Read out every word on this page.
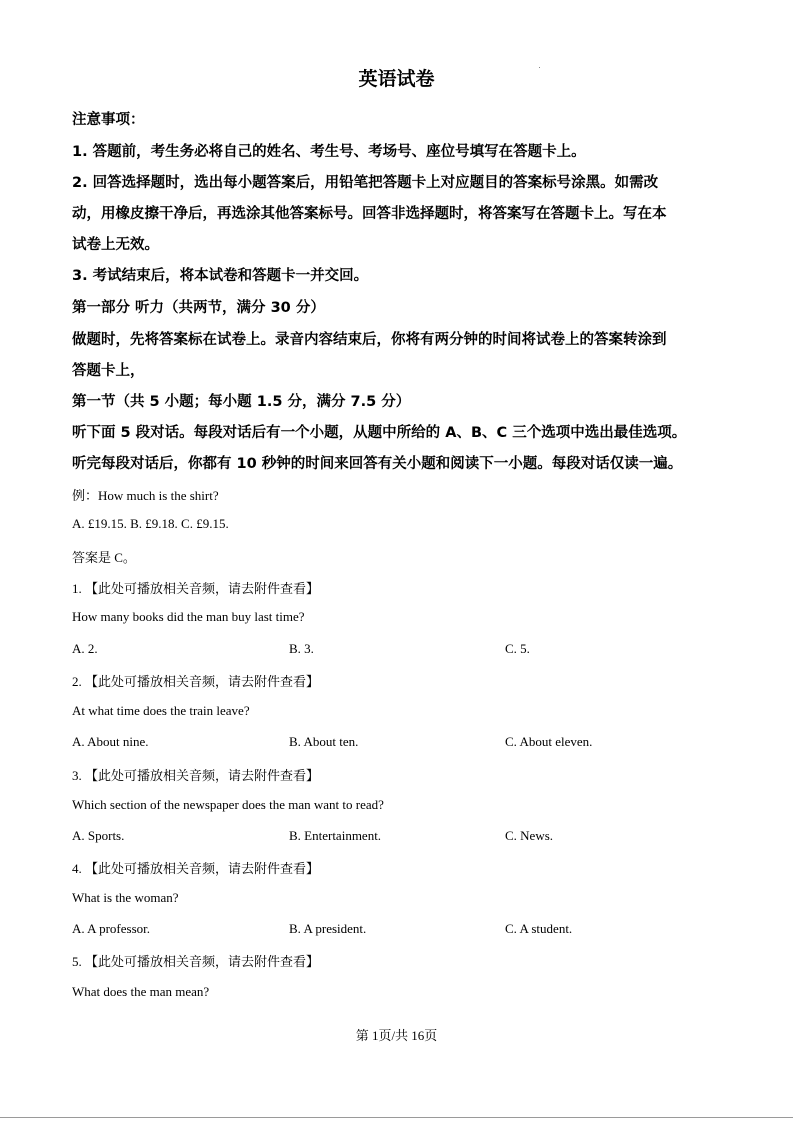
英语试卷
注意事项：
1. 答题前，考生务必将自己的姓名、考生号、考场号、座位号填写在答题卡上。
2. 回答选择题时，选出每小题答案后，用铅笔把答题卡上对应题目的答案标号涂黑。如需改
动，用橡皮擦干净后，再选涂其他答案标号。回答非选择题时，将答案写在答题卡上。写在本
试卷上无效。
3. 考试结束后，将本试卷和答题卡一并交回。
第一部分 听力（共两节，满分 30 分）
做题时，先将答案标在试卷上。录音内容结束后，你将有两分钟的时间将试卷上的答案转涂到
答题卡上，
第一节（共 5 小题；每小题 1.5 分，满分 7.5 分）
听下面 5 段对话。每段对话后有一个小题，从题中所给的 A、B、C 三个选项中选出最佳选项。
听完每段对话后，你都有 10 秒钟的时间来回答有关小题和阅读下一小题。每段对话仅读一遍。
例：How much is the shirt?
A. £19.15. B. £9.18. C. £9.15.
答案是 C。
1. 【此处可播放相关音频，请去附件查看】
How many books did the man buy last time?
A. 2.	B. 3.	C. 5.
2. 【此处可播放相关音频，请去附件查看】
At what time does the train leave?
A. About nine.	B. About ten.	C. About eleven.
3. 【此处可播放相关音频，请去附件查看】
Which section of the newspaper does the man want to read?
A. Sports.	B. Entertainment.	C. News.
4. 【此处可播放相关音频，请去附件查看】
What is the woman?
A. A professor.	B. A president.	C. A student.
5. 【此处可播放相关音频，请去附件查看】
What does the man mean?
第 1页/共 16页
